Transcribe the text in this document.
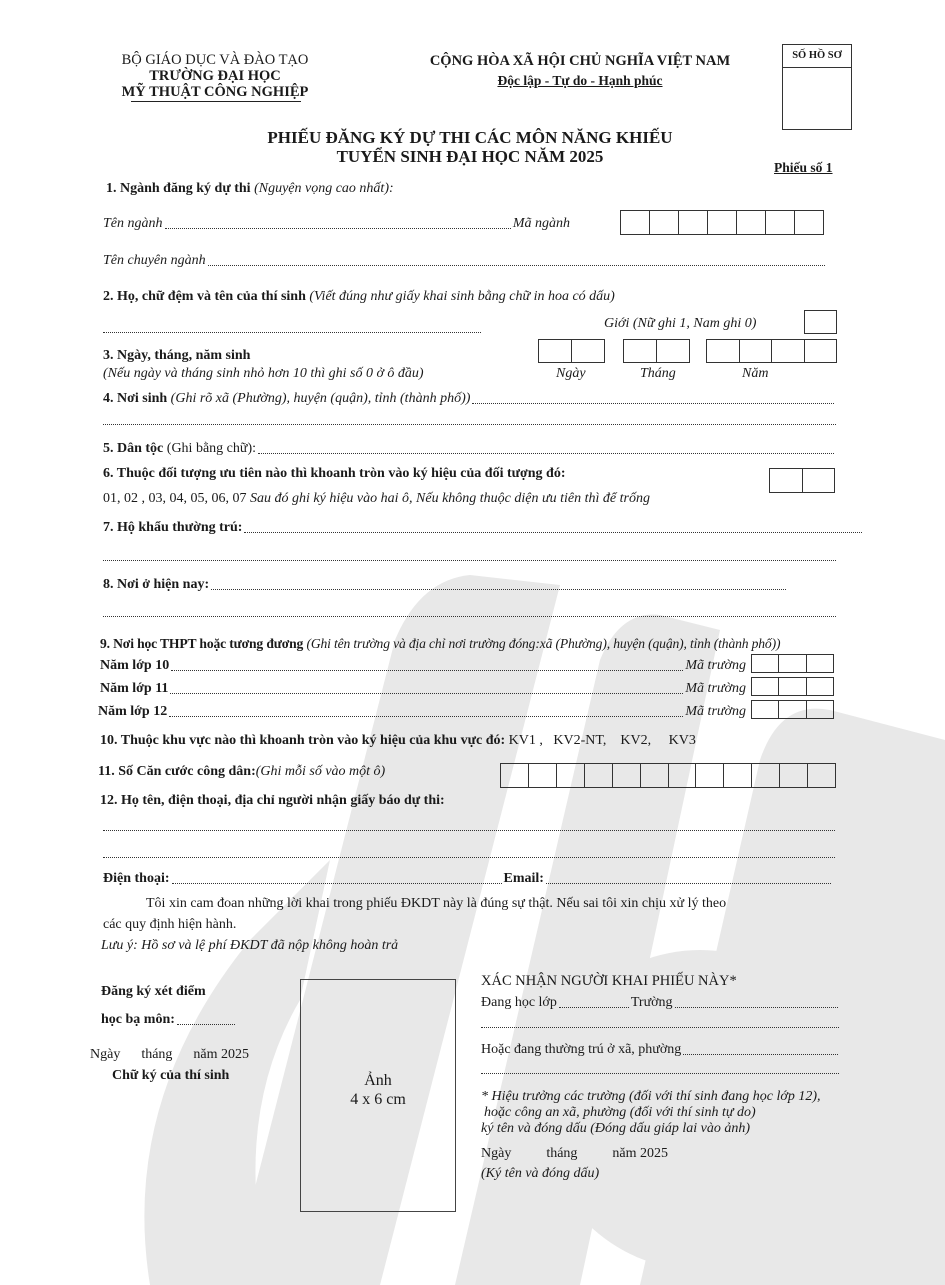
BỘ GIÁO DỤC VÀ ĐÀO TẠO
TRƯỜNG ĐẠI HỌC
MỸ THUẬT CÔNG NGHIỆP
CỘNG HÒA XÃ HỘI CHỦ NGHĨA VIỆT NAM
Độc lập - Tự do - Hạnh phúc
SỐ HỒ SƠ
PHIẾU ĐĂNG KÝ DỰ THI CÁC MÔN NĂNG KHIẾU
TUYỂN SINH ĐẠI HỌC NĂM 2025
Phiếu số 1
1. Ngành đăng ký dự thi (Nguyện vọng cao nhất):
Tên ngành	Mã ngành
Tên chuyên ngành
2. Họ, chữ đệm và tên của thí sinh (Viết đúng như giấy khai sinh bằng chữ in hoa có dấu)
Giới (Nữ ghi 1, Nam ghi 0)
3. Ngày, tháng, năm sinh
(Nếu ngày và tháng sinh nhỏ hơn 10 thì ghi số 0 ở ô đầu)	Ngày	Tháng	Năm
4. Nơi sinh
(Ghi rõ xã (Phường), huyện (quận), tỉnh (thành phố))
5. Dân tộc
(Ghi bằng chữ):
6. Thuộc đối tượng ưu tiên nào thì khoanh tròn vào ký hiệu của đối tượng đó:
01, 02 , 03, 04, 05, 06, 07 Sau đó ghi ký hiệu vào hai ô, Nếu không thuộc diện ưu tiên thì để trống
7. Hộ khẩu thường trú:
8. Nơi ở hiện nay:
9. Nơi học THPT hoặc tương đương (Ghi tên trường và địa chỉ nơi trường đóng:xã (Phường), huyện (quận), tỉnh (thành phố))
Năm lớp 10	Mã trường
Năm lớp 11	Mã trường
Năm lớp 12	Mã trường
10. Thuộc khu vực nào thì khoanh tròn vào ký hiệu của khu vực đó: KV1 ,   KV2-NT,    KV2,     KV3
11. Số Căn cước công dân:(Ghi mỗi số vào một ô)
12. Họ tên, điện thoại, địa chỉ người nhận giấy báo dự thi:
Điện thoại:	Email:
Tôi xin cam đoan những lời khai trong phiếu ĐKDT này là đúng sự thật. Nếu sai tôi xin chịu xử lý theo
các quy định hiện hành.
Lưu ý: Hồ sơ và lệ phí ĐKDT đã nộp không hoàn trả
Đăng ký xét điểm
học bạ môn:
Ngày      tháng      năm 2025
Chữ ký của thí sinh	Ảnh
4 x 6 cm
XÁC NHẬN NGƯỜI KHAI PHIẾU NÀY*
Đang học lớp	Trường
Hoặc đang thường trú ở xã, phường
* Hiệu trưởng các trường (đối với thí sinh đang học lớp 12),
hoặc công an xã, phường (đối với thí sinh tự do)
ký tên và đóng dấu (Đóng dấu giáp lai vào ảnh)
Ngày          tháng          năm 2025
(Ký tên và đóng dấu)
